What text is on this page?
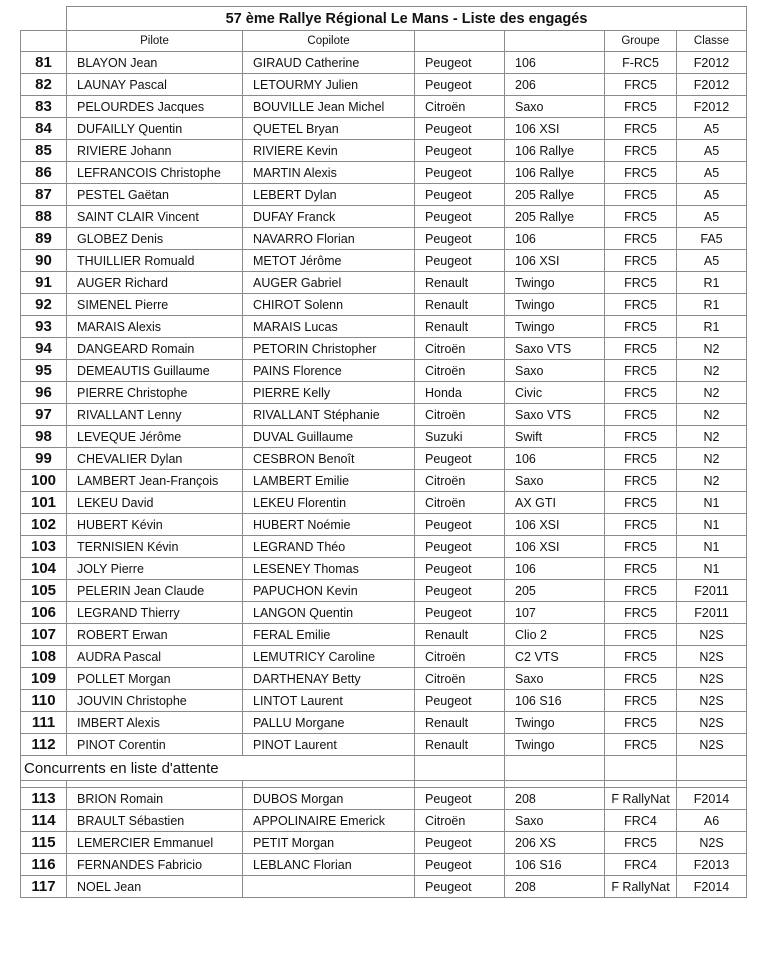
	57 ème Rallye Régional Le Mans - Liste des engagés					
	Pilote	Copilote			Groupe	Classe
81	BLAYON Jean	GIRAUD Catherine	Peugeot	106	F-RC5	F2012
82	LAUNAY Pascal	LETOURMY Julien	Peugeot	206	FRC5	F2012
83	PELOURDES Jacques	BOUVILLE Jean Michel	Citroën	Saxo	FRC5	F2012
84	DUFAILLY Quentin	QUETEL Bryan	Peugeot	106 XSI	FRC5	A5
85	RIVIERE Johann	RIVIERE Kevin	Peugeot	106 Rallye	FRC5	A5
86	LEFRANCOIS Christophe	MARTIN Alexis	Peugeot	106 Rallye	FRC5	A5
87	PESTEL Gaëtan	LEBERT Dylan	Peugeot	205 Rallye	FRC5	A5
88	SAINT CLAIR Vincent	DUFAY Franck	Peugeot	205 Rallye	FRC5	A5
89	GLOBEZ Denis	NAVARRO Florian	Peugeot	106	FRC5	FA5
90	THUILLIER Romuald	METOT Jérôme	Peugeot	106 XSI	FRC5	A5
91	AUGER Richard	AUGER Gabriel	Renault	Twingo	FRC5	R1
92	SIMENEL Pierre	CHIROT Solenn	Renault	Twingo	FRC5	R1
93	MARAIS Alexis	MARAIS Lucas	Renault	Twingo	FRC5	R1
94	DANGEARD Romain	PETORIN Christopher	Citroën	Saxo VTS	FRC5	N2
95	DEMEAUTIS Guillaume	PAINS Florence	Citroën	Saxo	FRC5	N2
96	PIERRE Christophe	PIERRE Kelly	Honda	Civic	FRC5	N2
97	RIVALLANT Lenny	RIVALLANT Stéphanie	Citroën	Saxo VTS	FRC5	N2
98	LEVEQUE Jérôme	DUVAL Guillaume	Suzuki	Swift	FRC5	N2
99	CHEVALIER Dylan	CESBRON Benoît	Peugeot	106	FRC5	N2
100	LAMBERT Jean-François	LAMBERT Emilie	Citroën	Saxo	FRC5	N2
101	LEKEU David	LEKEU Florentin	Citroën	AX GTI	FRC5	N1
102	HUBERT Kévin	HUBERT Noémie	Peugeot	106 XSI	FRC5	N1
103	TERNISIEN Kévin	LEGRAND Théo	Peugeot	106 XSI	FRC5	N1
104	JOLY Pierre	LESENEY Thomas	Peugeot	106	FRC5	N1
105	PELERIN Jean Claude	PAPUCHON Kevin	Peugeot	205	FRC5	F2011
106	LEGRAND Thierry	LANGON Quentin	Peugeot	107	FRC5	F2011
107	ROBERT Erwan	FERAL Emilie	Renault	Clio 2	FRC5	N2S
108	AUDRA Pascal	LEMUTRICY Caroline	Citroën	C2 VTS	FRC5	N2S
109	POLLET Morgan	DARTHENAY Betty	Citroën	Saxo	FRC5	N2S
110	JOUVIN Christophe	LINTOT Laurent	Peugeot	106 S16	FRC5	N2S
111	IMBERT Alexis	PALLU Morgane	Renault	Twingo	FRC5	N2S
112	PINOT Corentin	PINOT Laurent	Renault	Twingo	FRC5	N2S
Concurrents en liste d'attente						

113	BRION Romain	DUBOS Morgan	Peugeot	208	F RallyNat	F2014
114	BRAULT Sébastien	APPOLINAIRE Emerick	Citroën	Saxo	FRC4	A6
115	LEMERCIER Emmanuel	PETIT Morgan	Peugeot	206 XS	FRC5	N2S
116	FERNANDES Fabricio	LEBLANC Florian	Peugeot	106 S16	FRC4	F2013
117	NOEL Jean		Peugeot	208	F RallyNat	F2014
